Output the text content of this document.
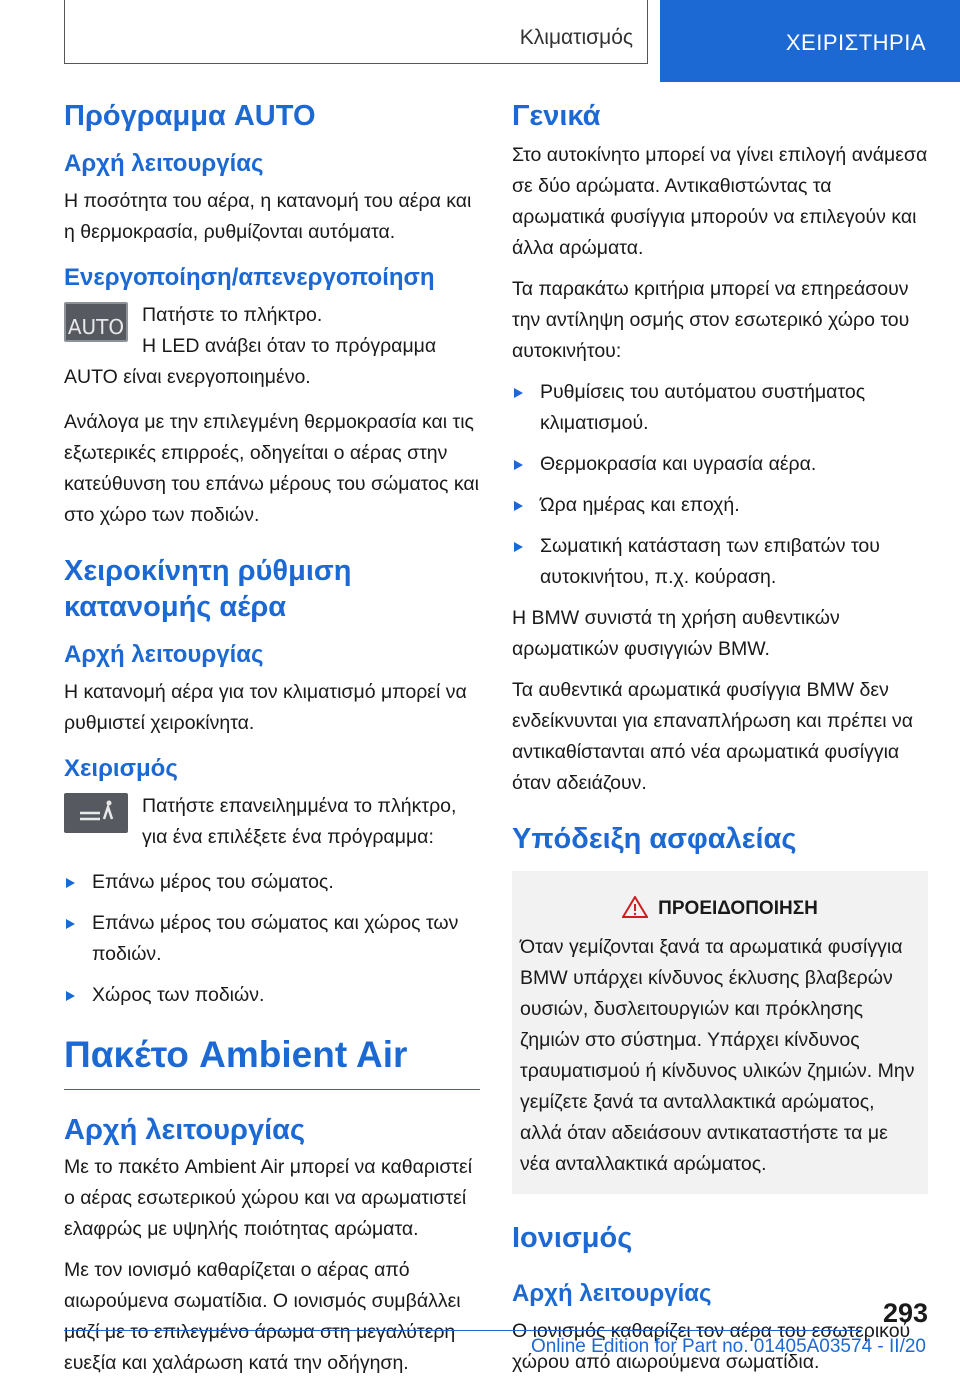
Κλιματισμός	ΧΕΙΡΙΣΤΗΡΙΑ
Πρόγραμμα AUTO
Αρχή λειτουργίας

Η ποσότητα του αέρα, η κατανομή του αέρα και η θερμοκρασία, ρυθμίζονται αυτόματα.

Ενεργοποίηση/απενεργοποίηση
AUTO Πατήστε το πλήκτρο.

Η LED ανάβει όταν το πρόγραμμα AUTO είναι ενεργοποιημένο.

Ανάλογα με την επιλεγμένη θερμοκρασία και τις εξωτερικές επιρροές, οδηγείται ο αέρας στην κατεύθυνση του επάνω μέρους του σώματος και στο χώρο των ποδιών.

Χειροκίνητη ρύθμιση κατανομής αέρα
Αρχή λειτουργίας

Η κατανομή αέρα για τον κλιματισμό μπορεί να ρυθμιστεί χειροκίνητα.

Χειρισμός

Πατήστε επανειλημμένα το πλήκτρο, για ένα επιλέξετε ένα πρόγραμμα:

Επάνω μέρος του σώματος.
Επάνω μέρος του σώματος και χώρος των ποδιών.
Χώρος των ποδιών.
Πακέτο Ambient Air
Αρχή λειτουργίας

Με το πακέτο Ambient Air μπορεί να καθαριστεί ο αέρας εσωτερικού χώρου και να αρωματιστεί ελαφρώς με υψηλής ποιότητας αρώματα.

Με τον ιονισμό καθαρίζεται ο αέρας από αιωρούμενα σωματίδια. Ο ιονισμός συμβάλλει μαζί με το επιλεγμένο άρωμα στη μεγαλύτερη ευεξία και χαλάρωση κατά την οδήγηση.

Γενικά

Στο αυτοκίνητο μπορεί να γίνει επιλογή ανάμεσα σε δύο αρώματα. Αντικαθιστώντας τα αρωματικά φυσίγγια μπορούν να επιλεγούν και άλλα αρώματα.

Τα παρακάτω κριτήρια μπορεί να επηρεάσουν την αντίληψη οσμής στον εσωτερικό χώρο του αυτοκινήτου:

Ρυθμίσεις του αυτόματου συστήματος κλιματισμού.
Θερμοκρασία και υγρασία αέρα.
Ώρα ημέρας και εποχή.
Σωματική κατάσταση των επιβατών του αυτοκινήτου, π.χ. κούραση.

Η BMW συνιστά τη χρήση αυθεντικών αρωματικών φυσιγγιών BMW.

Τα αυθεντικά αρωματικά φυσίγγια BMW δεν ενδείκνυνται για επαναπλήρωση και πρέπει να αντικαθίστανται από νέα αρωματικά φυσίγγια όταν αδειάζουν.

Υπόδειξη ασφαλείας
ΠΡΟΕΙΔΟΠΟΙΗΣΗ

Όταν γεμίζονται ξανά τα αρωματικά φυσίγγια BMW υπάρχει κίνδυνος έκλυσης βλαβερών ουσιών, δυσλειτουργιών και πρόκλησης ζημιών στο σύστημα. Υπάρχει κίνδυνος τραυματισμού ή κίνδυνος υλικών ζημιών. Μην γεμίζετε ξανά τα ανταλλακτικά αρώματος, αλλά όταν αδειάσουν αντικαταστήστε τα με νέα ανταλλακτικά αρώματος.

Ιονισμός
Αρχή λειτουργίας

Ο ιονισμός καθαρίζει τον αέρα του εσωτερικού χώρου από αιωρούμενα σωματίδια.

293
Online Edition for Part no. 01405A03574 - II/20
